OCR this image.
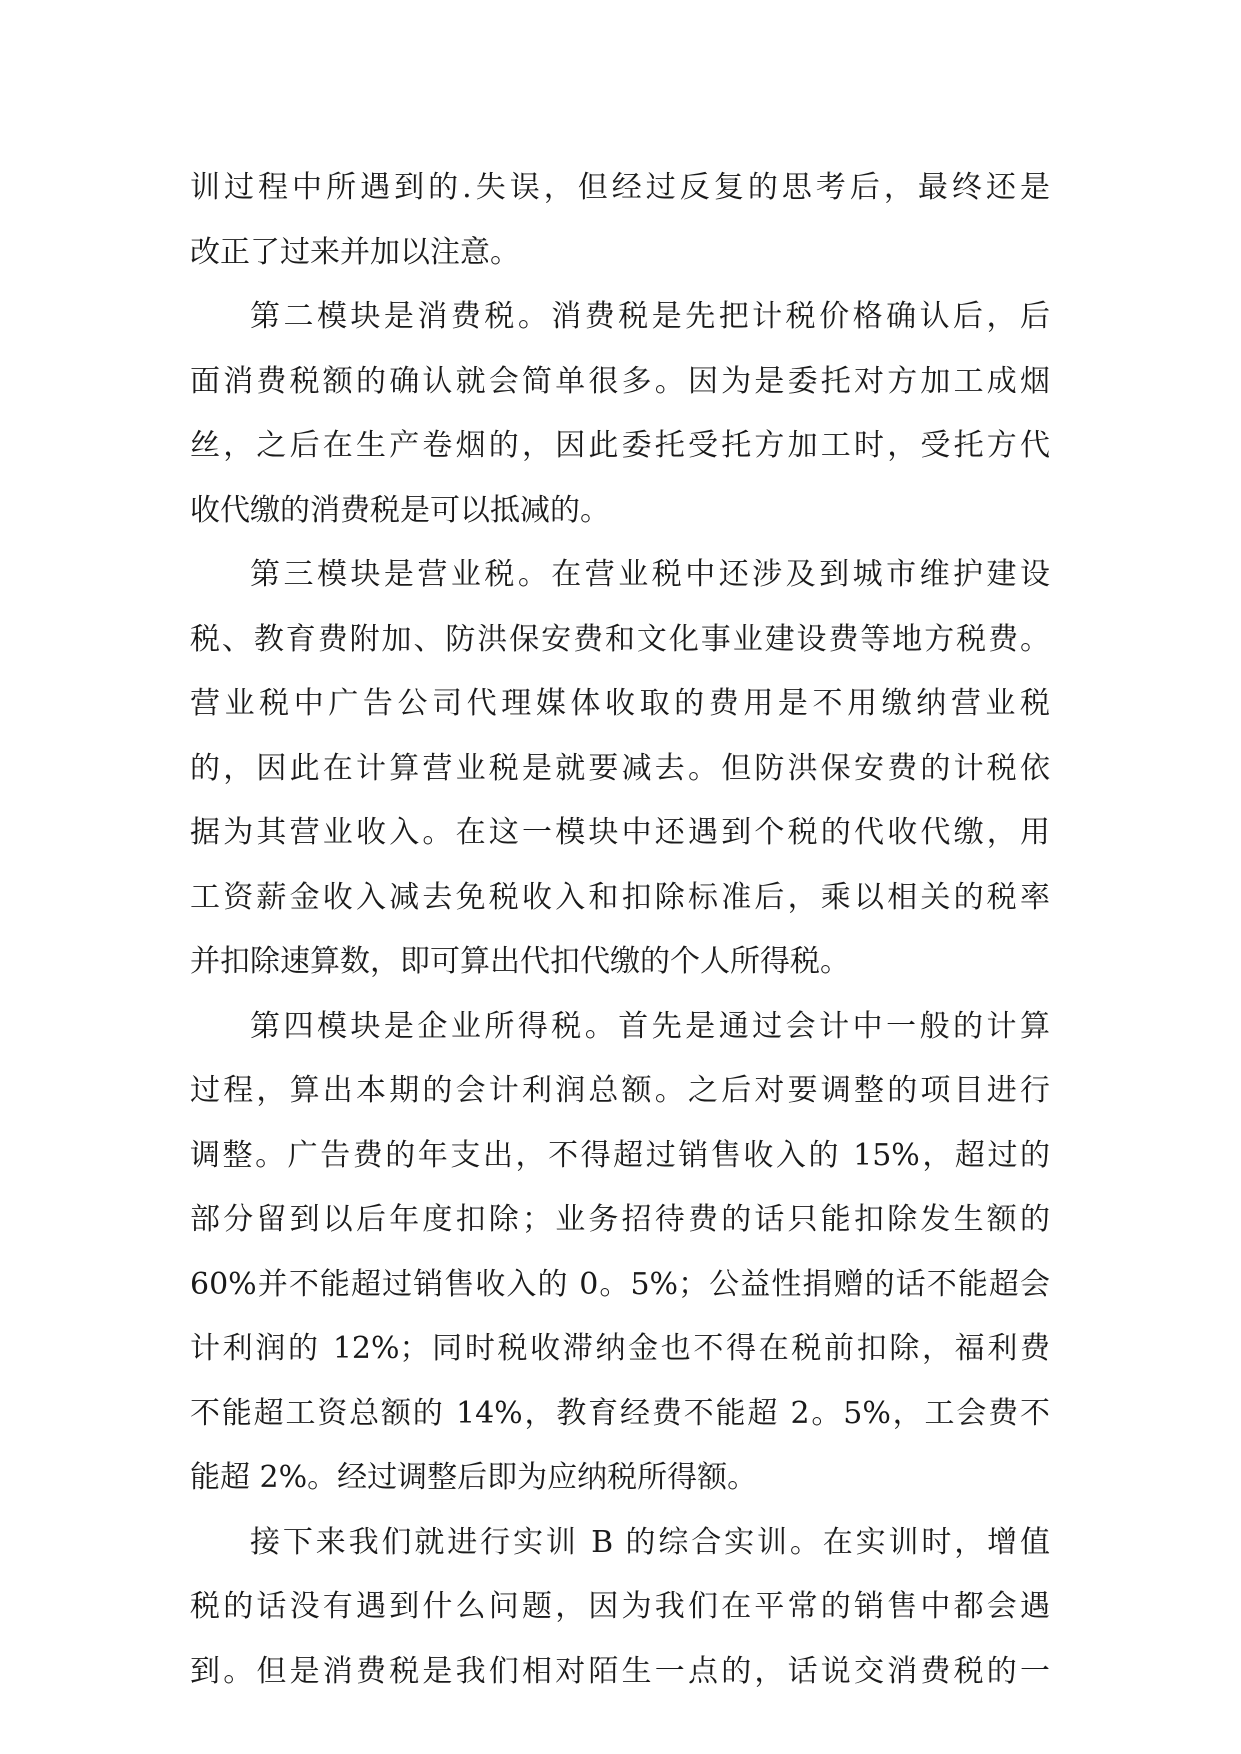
训过程中所遇到的.失误，但经过反复的思考后，最终还是
改正了过来并加以注意。
第二模块是消费税。消费税是先把计税价格确认后，后
面消费税额的确认就会简单很多。因为是委托对方加工成烟
丝，之后在生产卷烟的，因此委托受托方加工时，受托方代
收代缴的消费税是可以抵减的。
第三模块是营业税。在营业税中还涉及到城市维护建设
税、教育费附加、防洪保安费和文化事业建设费等地方税费。
营业税中广告公司代理媒体收取的费用是不用缴纳营业税
的，因此在计算营业税是就要减去。但防洪保安费的计税依
据为其营业收入。在这一模块中还遇到个税的代收代缴，用
工资薪金收入减去免税收入和扣除标准后，乘以相关的税率
并扣除速算数，即可算出代扣代缴的个人所得税。
第四模块是企业所得税。首先是通过会计中一般的计算
过程，算出本期的会计利润总额。之后对要调整的项目进行
调整。广告费的年支出，不得超过销售收入的 15%，超过的
部分留到以后年度扣除；业务招待费的话只能扣除发生额的
60%并不能超过销售收入的 0。5%；公益性捐赠的话不能超会
计利润的 12%；同时税收滞纳金也不得在税前扣除，福利费
不能超工资总额的 14%，教育经费不能超 2。5%，工会费不
能超 2%。经过调整后即为应纳税所得额。
接下来我们就进行实训 B 的综合实训。在实训时，增值
税的话没有遇到什么问题，因为我们在平常的销售中都会遇
到。但是消费税是我们相对陌生一点的，话说交消费税的一
